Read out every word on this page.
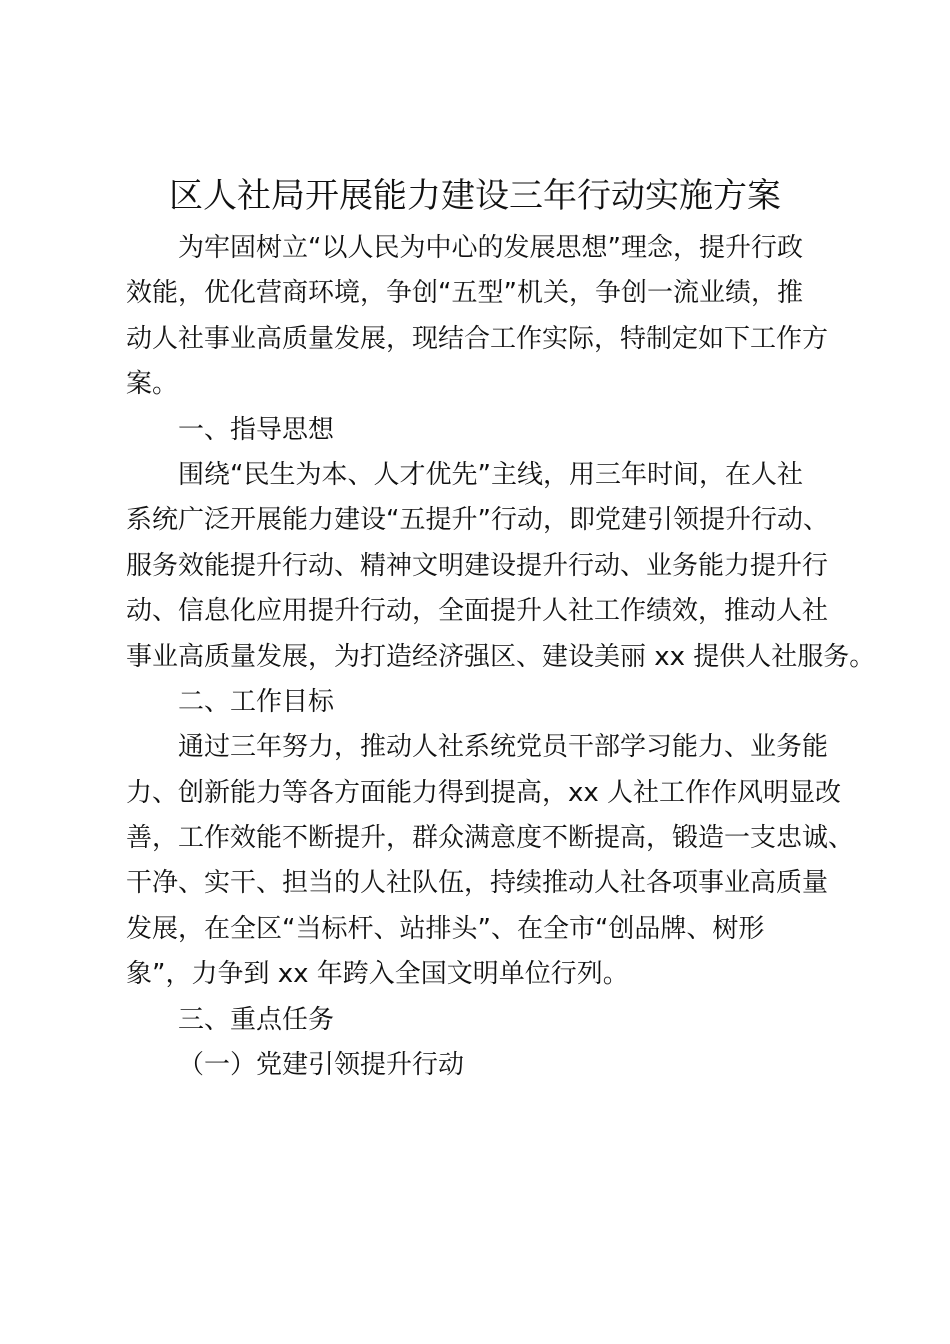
区人社局开展能力建设三年行动实施方案
为牢固树立“以人民为中心的发展思想”理念，提升行政
效能，优化营商环境，争创“五型”机关，争创一流业绩，推
动人社事业高质量发展，现结合工作实际，特制定如下工作方
案。
一、指导思想
围绕“民生为本、人才优先”主线，用三年时间，在人社
系统广泛开展能力建设“五提升”行动，即党建引领提升行动、
服务效能提升行动、精神文明建设提升行动、业务能力提升行
动、信息化应用提升行动，全面提升人社工作绩效，推动人社
事业高质量发展，为打造经济强区、建设美丽 xx 提供人社服务。
二、工作目标
通过三年努力，推动人社系统党员干部学习能力、业务能
力、创新能力等各方面能力得到提高，xx 人社工作作风明显改
善，工作效能不断提升，群众满意度不断提高，锻造一支忠诚、
干净、实干、担当的人社队伍，持续推动人社各项事业高质量
发展，在全区“当标杆、站排头”、在全市“创品牌、树形
象”，力争到 xx 年跨入全国文明单位行列。
三、重点任务
（一）党建引领提升行动
